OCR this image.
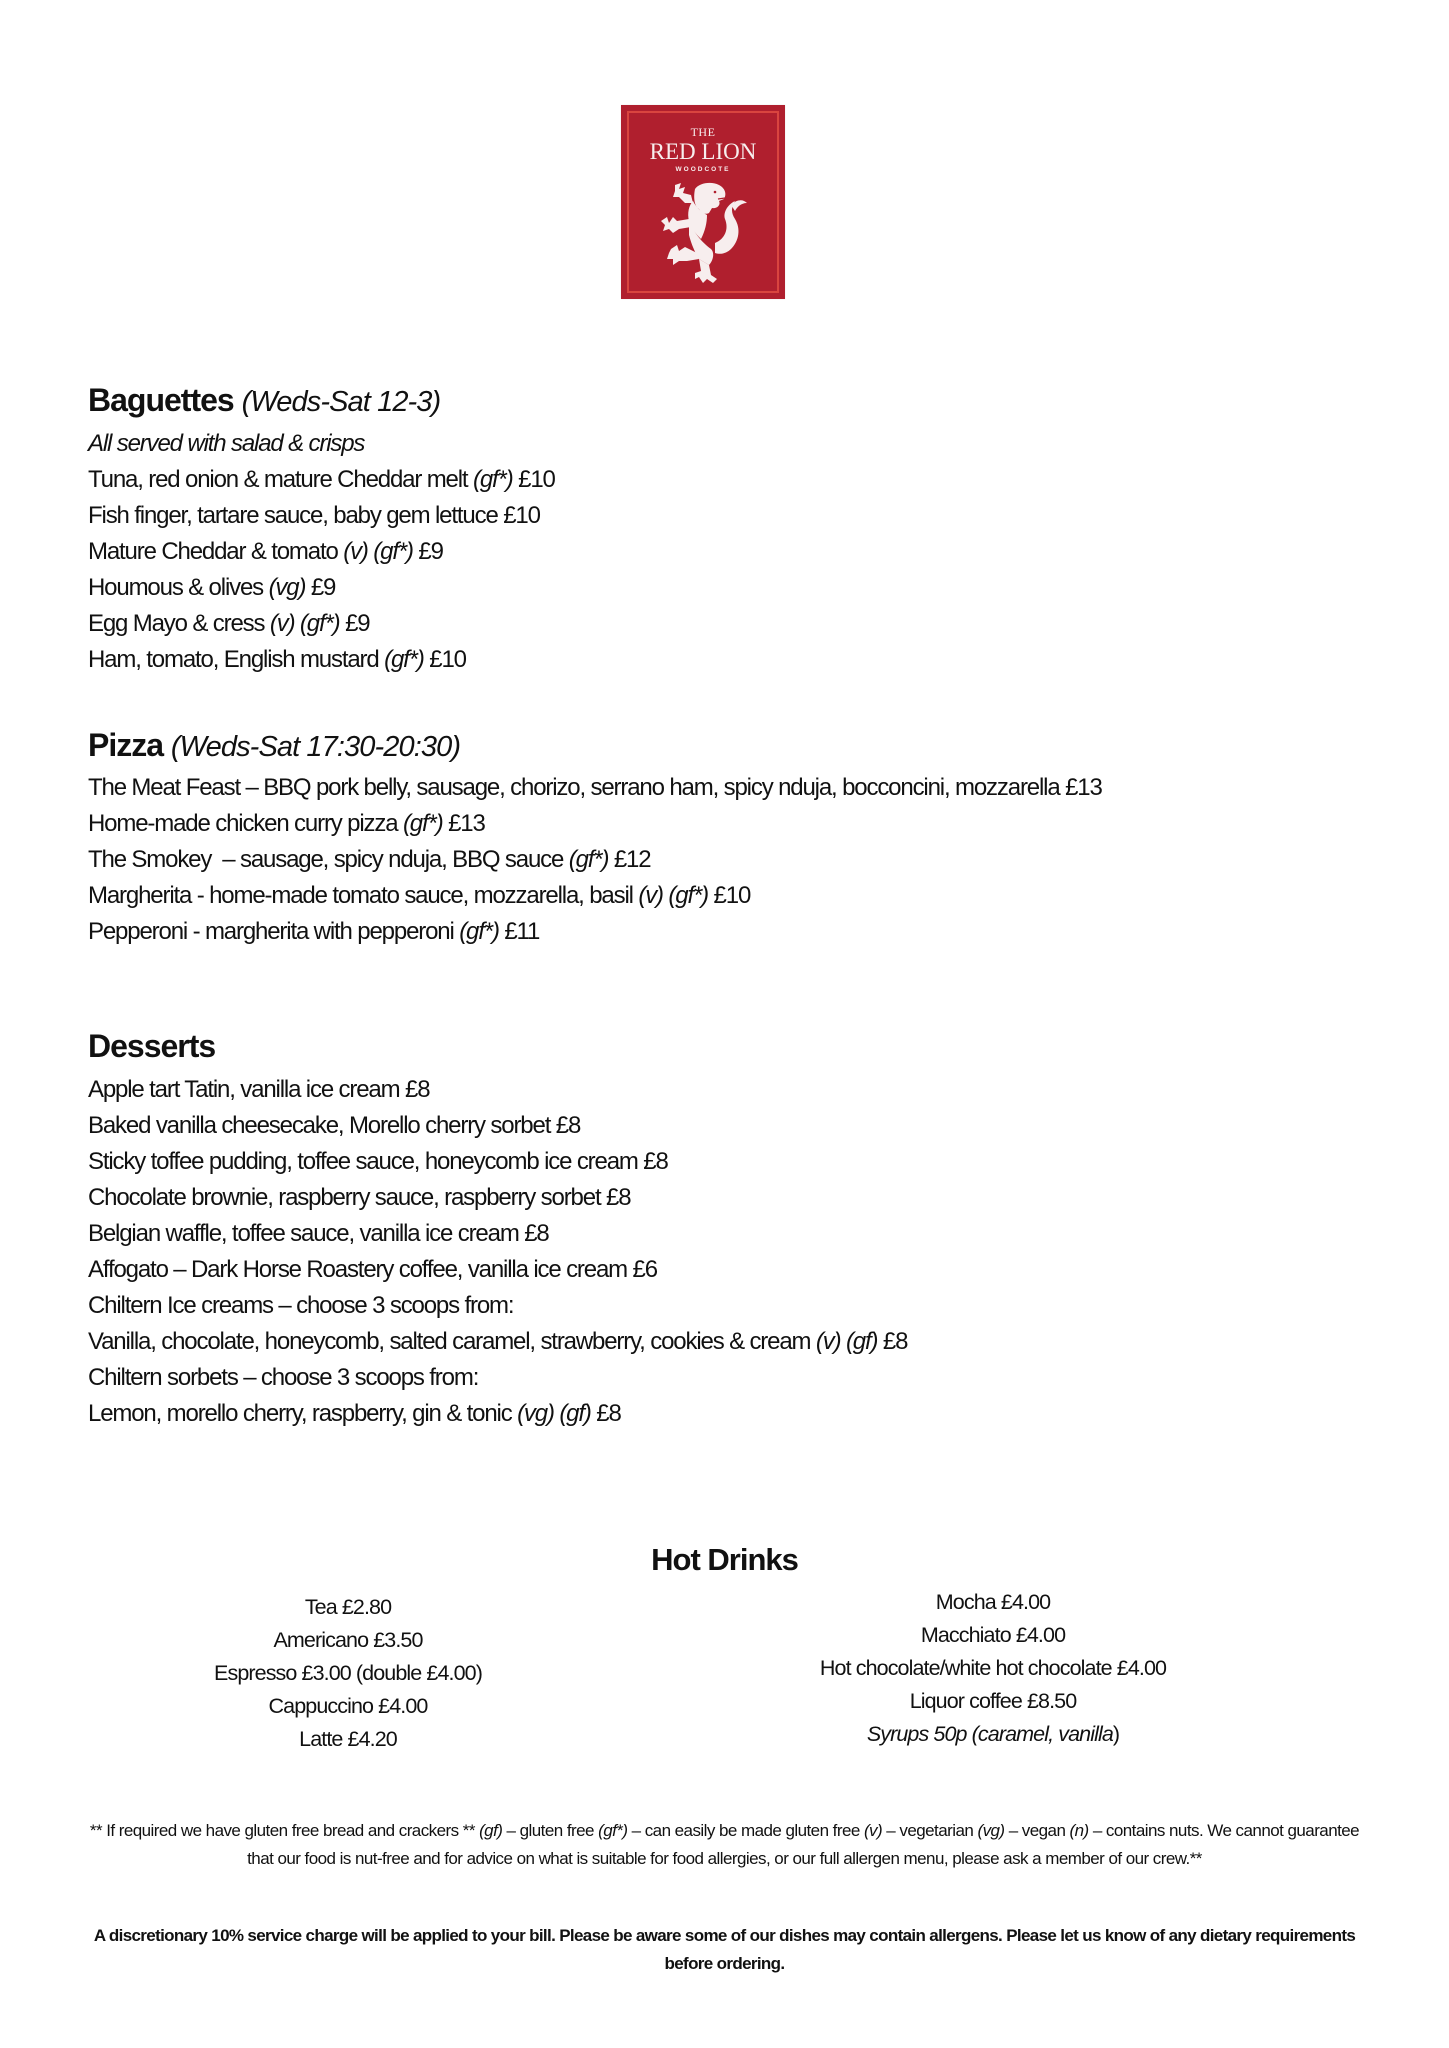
THE
RED LION
WOODCOTE
Baguettes (Weds-Sat 12-3)
All served with salad & crisps
Tuna, red onion & mature Cheddar melt (gf*) £10
Fish finger, tartare sauce, baby gem lettuce £10
Mature Cheddar & tomato (v) (gf*) £9
Houmous & olives (vg) £9
Egg Mayo & cress (v) (gf*) £9
Ham, tomato, English mustard (gf*) £10
Pizza (Weds-Sat 17:30-20:30)
The Meat Feast – BBQ pork belly, sausage, chorizo, serrano ham, spicy nduja, bocconcini, mozzarella £13
Home-made chicken curry pizza (gf*) £13
The Smokey  – sausage, spicy nduja, BBQ sauce (gf*) £12
Margherita - home-made tomato sauce, mozzarella, basil (v) (gf*) £10
Pepperoni - margherita with pepperoni (gf*) £11
Desserts
Apple tart Tatin, vanilla ice cream £8
Baked vanilla cheesecake, Morello cherry sorbet £8
Sticky toffee pudding, toffee sauce, honeycomb ice cream £8
Chocolate brownie, raspberry sauce, raspberry sorbet £8
Belgian waffle, toffee sauce, vanilla ice cream £8
Affogato – Dark Horse Roastery coffee, vanilla ice cream £6
Chiltern Ice creams – choose 3 scoops from:
Vanilla, chocolate, honeycomb, salted caramel, strawberry, cookies & cream (v) (gf) £8
Chiltern sorbets – choose 3 scoops from:
Lemon, morello cherry, raspberry, gin & tonic (vg) (gf) £8
Hot Drinks
Tea £2.80
Americano £3.50
Espresso £3.00 (double £4.00)
Cappuccino £4.00
Latte £4.20
Mocha £4.00
Macchiato £4.00
Hot chocolate/white hot chocolate £4.00
Liquor coffee £8.50
Syrups 50p (caramel, vanilla)
** If required we have gluten free bread and crackers ** (gf) – gluten free (gf*) – can easily be made gluten free (v) – vegetarian (vg) – vegan (n) – contains nuts. We cannot guarantee that our food is nut-free and for advice on what is suitable for food allergies, or our full allergen menu, please ask a member of our crew.**
A discretionary 10% service charge will be applied to your bill. Please be aware some of our dishes may contain allergens. Please let us know of any dietary requirements before ordering.
